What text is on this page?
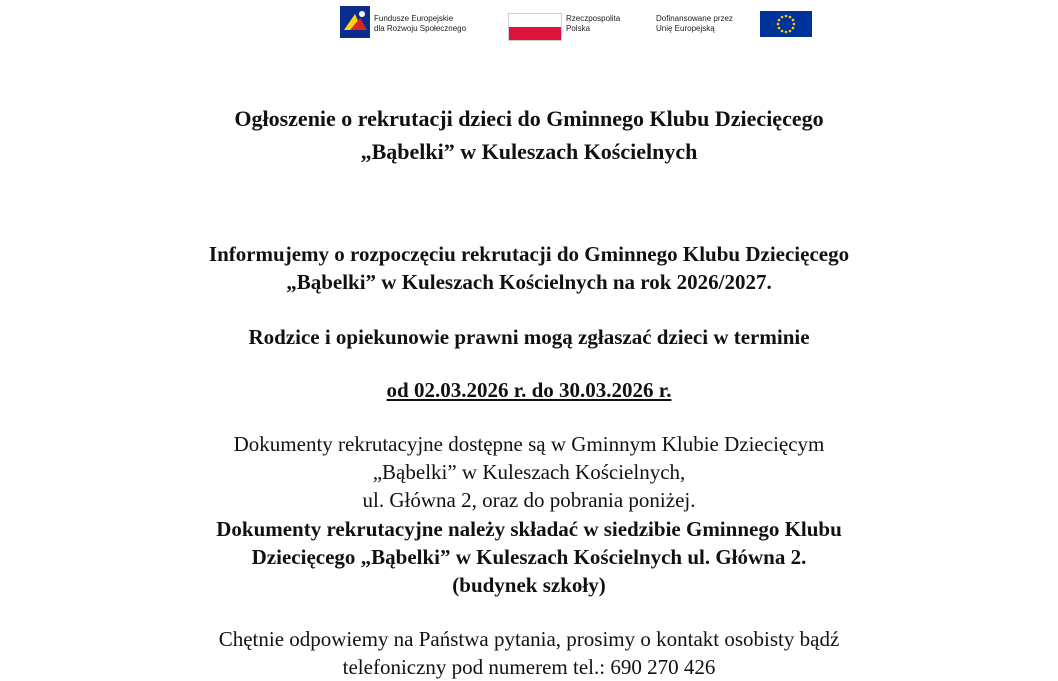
Fundusze Europejskie
dla Rozwoju Społecznego
Rzeczpospolita
Polska
Dofinansowane przez
Unię Europejską
Ogłoszenie o rekrutacji dzieci do Gminnego Klubu Dziecięcego
„Bąbelki” w Kuleszach Kościelnych
Informujemy o rozpoczęciu rekrutacji do Gminnego Klubu Dziecięcego
„Bąbelki” w Kuleszach Kościelnych na rok 2026/2027.
Rodzice i opiekunowie prawni mogą zgłaszać dzieci w terminie
od 02.03.2026 r. do 30.03.2026 r.
Dokumenty rekrutacyjne dostępne są w Gminnym Klubie Dziecięcym
„Bąbelki” w Kuleszach Kościelnych,
ul. Główna 2, oraz do pobrania poniżej.
Dokumenty rekrutacyjne należy składać w siedzibie Gminnego Klubu
Dziecięcego „Bąbelki” w Kuleszach Kościelnych ul. Główna 2.
(budynek szkoły)
Chętnie odpowiemy na Państwa pytania, prosimy o kontakt osobisty bądź
telefoniczny pod numerem tel.: 690 270 426
